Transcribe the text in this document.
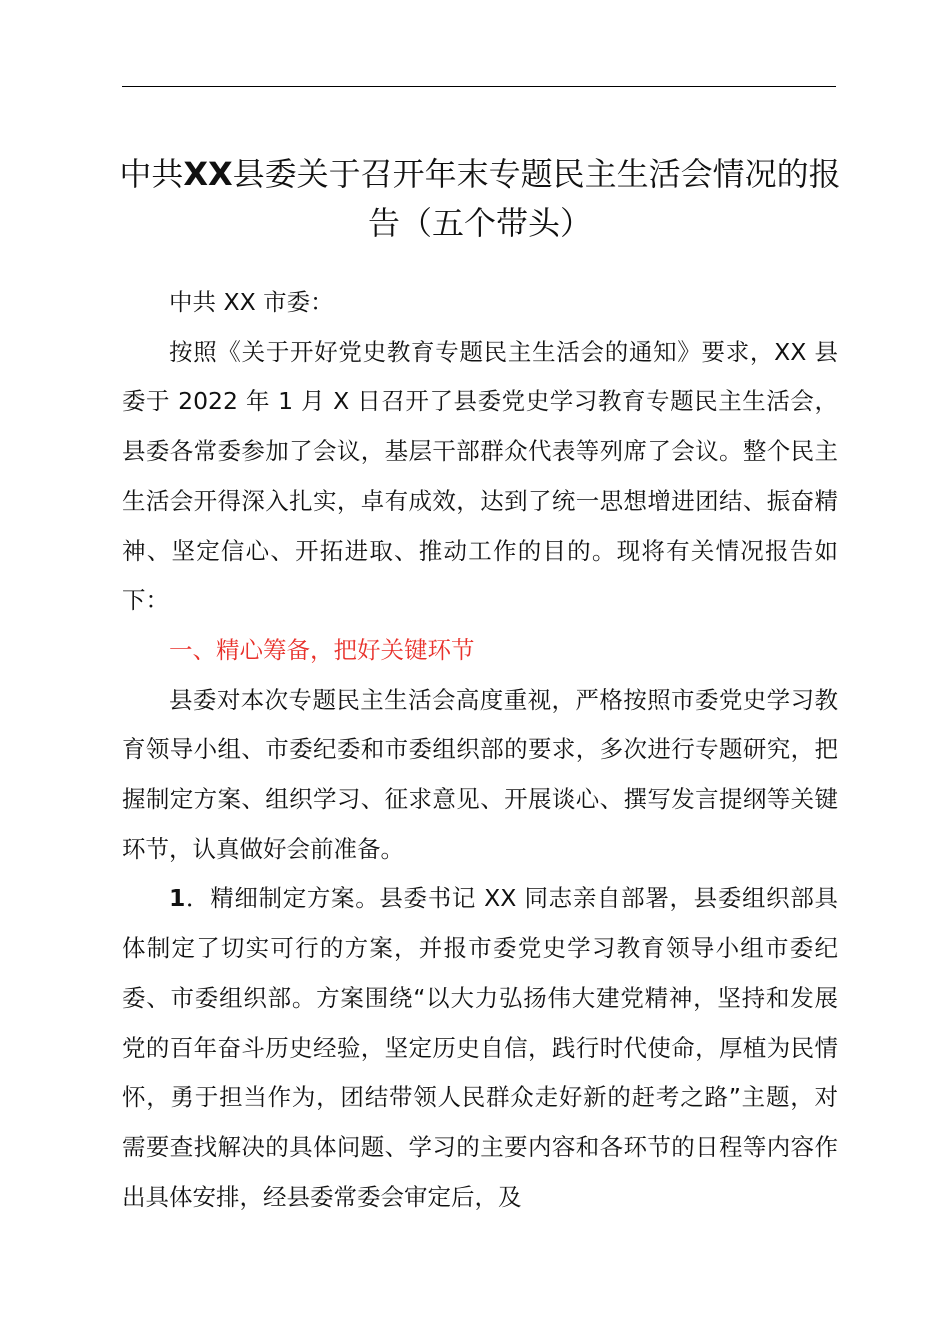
中共XX县委关于召开年末专题民主生活会情况的报告（五个带头）

中共 XX 市委：

按照《关于开好党史教育专题民主生活会的通知》要求，XX 县委于 2022 年 1 月 X 日召开了县委党史学习教育专题民主生活会，县委各常委参加了会议，基层干部群众代表等列席了会议。整个民主生活会开得深入扎实，卓有成效，达到了统一思想增进团结、振奋精神、坚定信心、开拓进取、推动工作的目的。现将有关情况报告如下：

一、精心筹备，把好关键环节

县委对本次专题民主生活会高度重视，严格按照市委党史学习教育领导小组、市委纪委和市委组织部的要求，多次进行专题研究，把握制定方案、组织学习、征求意见、开展谈心、撰写发言提纲等关键环节，认真做好会前准备。

1．精细制定方案。县委书记 XX 同志亲自部署，县委组织部具体制定了切实可行的方案，并报市委党史学习教育领导小组市委纪委、市委组织部。方案围绕“以大力弘扬伟大建党精神，坚持和发展党的百年奋斗历史经验，坚定历史自信，践行时代使命，厚植为民情怀，勇于担当作为，团结带领人民群众走好新的赶考之路”主题，对需要查找解决的具体问题、学习的主要内容和各环节的日程等内容作出具体安排，经县委常委会审定后，及
